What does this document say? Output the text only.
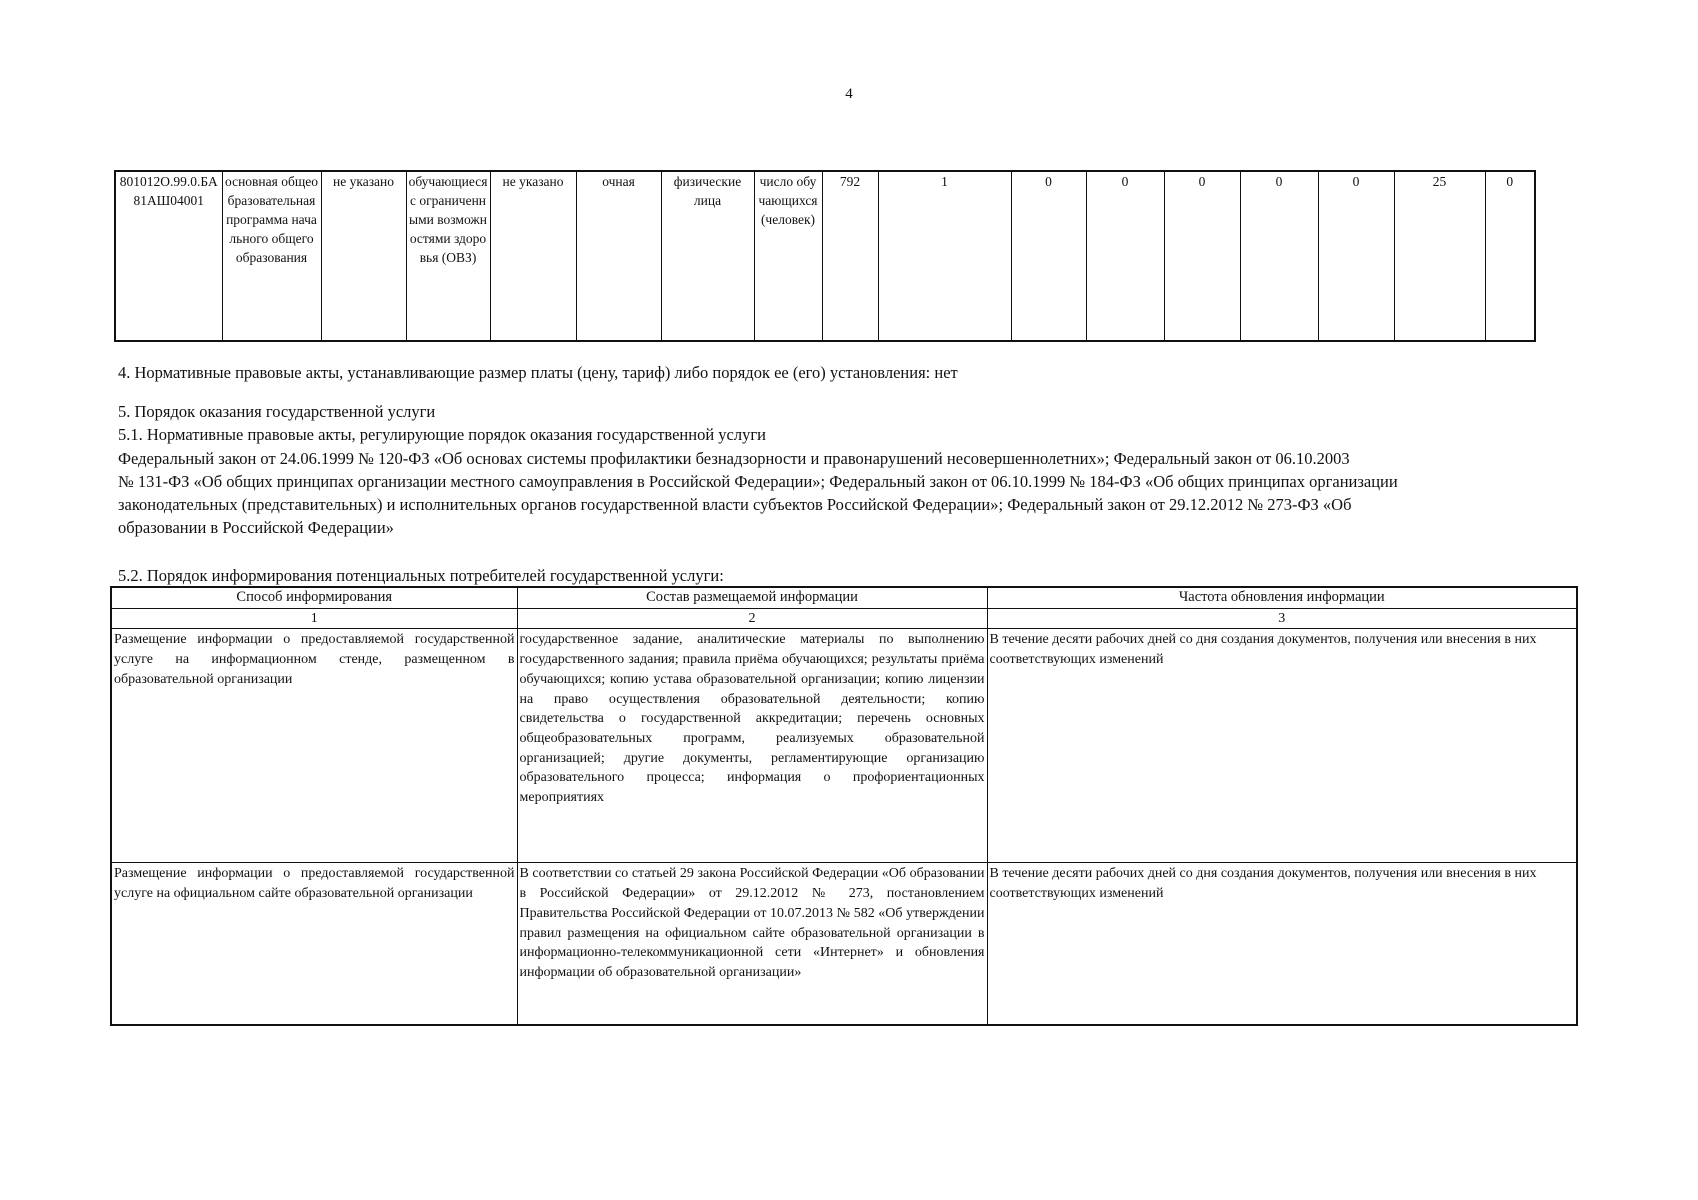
4
801012О.99.0.БА81АШ04001	основная общеобразовательная программа начального общего образования	не указано	обучающиеся с ограниченными возможностями здоровья (ОВЗ)	не указано	очная	физические лица	число обучающихся (человек)	792	1	0	0	0	0	0	25	0
4. Нормативные правовые акты, устанавливающие размер платы (цену, тариф) либо порядок ее (его) установления: нет
5. Порядок оказания государственной услуги
5.1. Нормативные правовые акты, регулирующие порядок оказания государственной услуги
Федеральный закон от 24.06.1999 № 120-ФЗ «Об основах системы профилактики безнадзорности и правонарушений несовершеннолетних»; Федеральный закон от 06.10.2003
№ 131-ФЗ «Об общих принципах организации местного самоуправления в Российской Федерации»; Федеральный закон от 06.10.1999 № 184-ФЗ «Об общих принципах организации
законодательных (представительных) и исполнительных органов государственной власти субъектов Российской Федерации»; Федеральный закон от 29.12.2012 № 273-ФЗ «Об
образовании в Российской Федерации»
5.2. Порядок информирования потенциальных потребителей государственной услуги:
Способ информирования	Состав размещаемой информации	Частота обновления информации
1	2	3
Размещение информации о предоставляемой государственной услуге на информационном стенде, размещенном в образовательной организации	государственное задание, аналитические материалы по выполнению государственного задания; правила приёма обучающихся; результаты приёма обучающихся; копию устава образовательной организации; копию лицензии на право осуществления образовательной деятельности; копию свидетельства о государственной аккредитации; перечень основных общеобразовательных программ, реализуемых образовательной организацией; другие документы, регламентирующие организацию образовательного процесса; информация о профориентационных мероприятиях	В течение десяти рабочих дней со дня создания документов, получения или внесения в них соответствующих изменений
Размещение информации о предоставляемой государственной услуге на официальном сайте образовательной организации	В соответствии со статьей 29 закона Российской Федерации «Об образовании в Российской Федерации» от 29.12.2012 № 273, постановлением Правительства Российской Федерации от 10.07.2013 № 582 «Об утверждении правил размещения на официальном сайте образовательной организации в информационно-телекоммуникационной сети «Интернет» и обновления информации об образовательной организации»	В течение десяти рабочих дней со дня создания документов, получения или внесения в них соответствующих изменений
